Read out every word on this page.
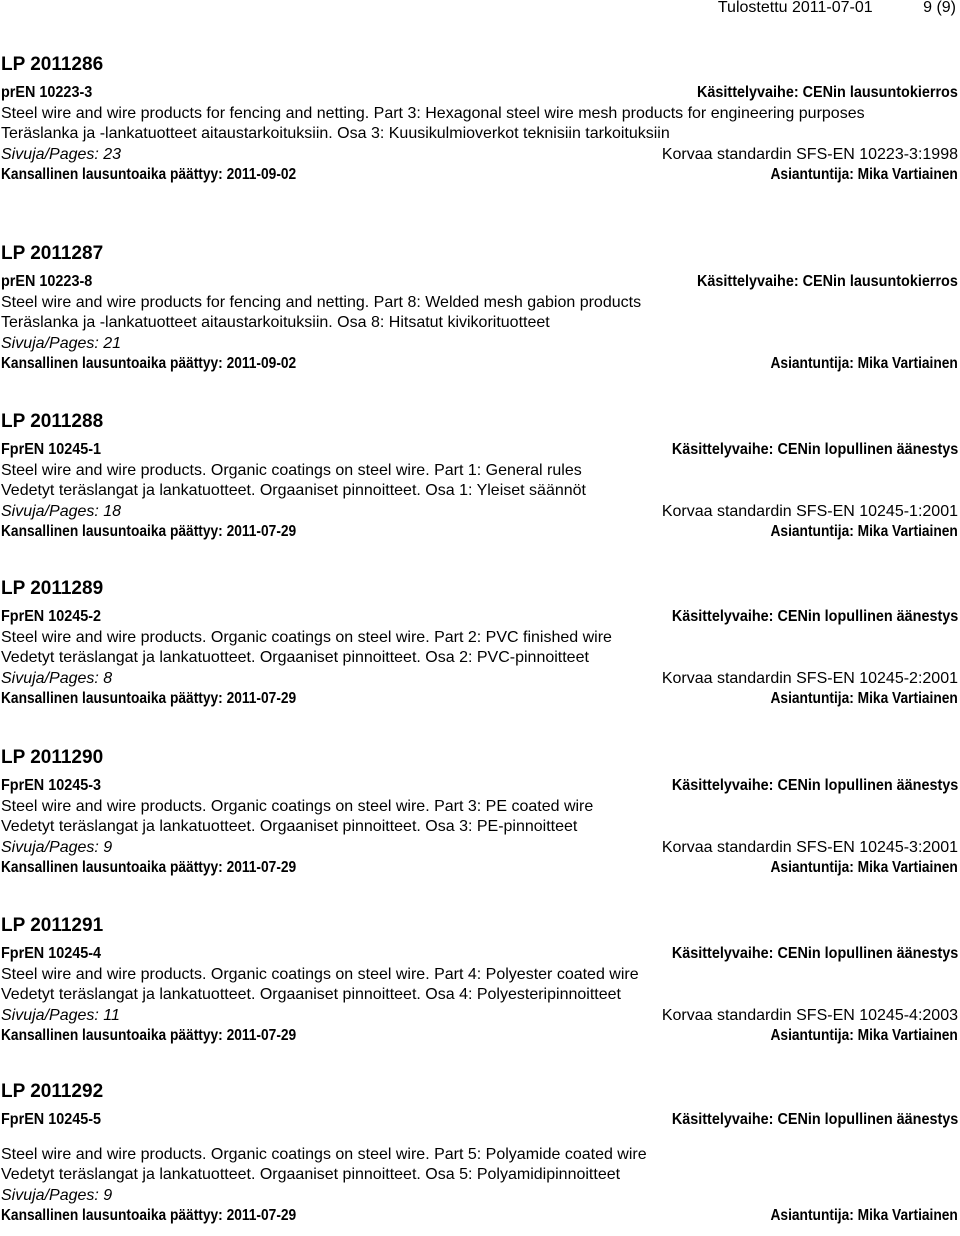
Tulostettu 2011-07-01	9 (9)
LP 2011286
prEN 10223-3	Käsittelyvaihe: CENin lausuntokierros
Steel wire and wire products for fencing and netting. Part 3: Hexagonal steel wire mesh products for engineering purposes
Teräslanka ja -lankatuotteet aitaustarkoituksiin. Osa 3: Kuusikulmioverkot teknisiin tarkoituksiin
Sivuja/Pages: 23	Korvaa standardin SFS-EN 10223-3:1998
Kansallinen lausuntoaika päättyy: 2011-09-02	Asiantuntija: Mika Vartiainen
LP 2011287
prEN 10223-8	Käsittelyvaihe: CENin lausuntokierros
Steel wire and wire products for fencing and netting. Part 8: Welded mesh gabion products
Teräslanka ja -lankatuotteet aitaustarkoituksiin. Osa 8: Hitsatut kivikorituotteet
Sivuja/Pages: 21
Kansallinen lausuntoaika päättyy: 2011-09-02	Asiantuntija: Mika Vartiainen
LP 2011288
FprEN 10245-1	Käsittelyvaihe: CENin lopullinen äänestys
Steel wire and wire products. Organic coatings on steel wire. Part 1: General rules
Vedetyt teräslangat ja lankatuotteet. Orgaaniset pinnoitteet. Osa 1: Yleiset säännöt
Sivuja/Pages: 18	Korvaa standardin SFS-EN 10245-1:2001
Kansallinen lausuntoaika päättyy: 2011-07-29	Asiantuntija: Mika Vartiainen
LP 2011289
FprEN 10245-2	Käsittelyvaihe: CENin lopullinen äänestys
Steel wire and wire products. Organic coatings on steel wire. Part 2: PVC finished wire
Vedetyt teräslangat ja lankatuotteet. Orgaaniset pinnoitteet. Osa 2: PVC-pinnoitteet
Sivuja/Pages: 8	Korvaa standardin SFS-EN 10245-2:2001
Kansallinen lausuntoaika päättyy: 2011-07-29	Asiantuntija: Mika Vartiainen
LP 2011290
FprEN 10245-3	Käsittelyvaihe: CENin lopullinen äänestys
Steel wire and wire products. Organic coatings on steel wire. Part 3: PE coated wire
Vedetyt teräslangat ja lankatuotteet. Orgaaniset pinnoitteet. Osa 3: PE-pinnoitteet
Sivuja/Pages: 9	Korvaa standardin SFS-EN 10245-3:2001
Kansallinen lausuntoaika päättyy: 2011-07-29	Asiantuntija: Mika Vartiainen
LP 2011291
FprEN 10245-4	Käsittelyvaihe: CENin lopullinen äänestys
Steel wire and wire products. Organic coatings on steel wire. Part 4: Polyester coated wire
Vedetyt teräslangat ja lankatuotteet. Orgaaniset pinnoitteet. Osa 4: Polyesteripinnoitteet
Sivuja/Pages: 11	Korvaa standardin SFS-EN 10245-4:2003
Kansallinen lausuntoaika päättyy: 2011-07-29	Asiantuntija: Mika Vartiainen
LP 2011292
FprEN 10245-5	Käsittelyvaihe: CENin lopullinen äänestys
Steel wire and wire products. Organic coatings on steel wire. Part 5: Polyamide coated wire
Vedetyt teräslangat ja lankatuotteet. Orgaaniset pinnoitteet. Osa 5: Polyamidipinnoitteet
Sivuja/Pages: 9
Kansallinen lausuntoaika päättyy: 2011-07-29	Asiantuntija: Mika Vartiainen
